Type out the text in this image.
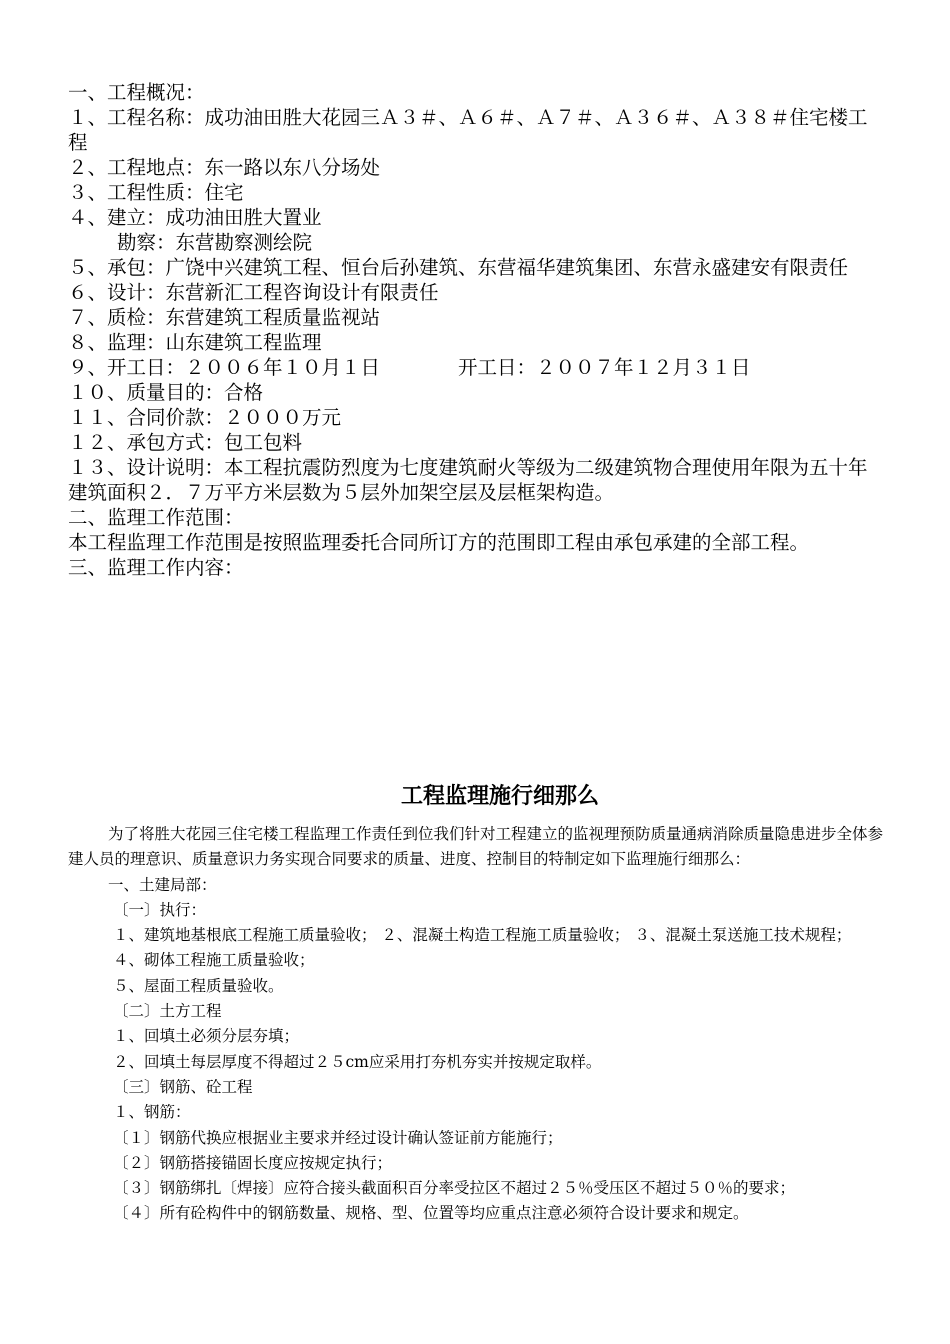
一、工程概况：

１、工程名称：成功油田胜大花园三Ａ３＃、Ａ６＃、Ａ７＃、Ａ３６＃、Ａ３８＃住宅楼工程

２、工程地点：东一路以东八分场处

３、工程性质：住宅

４、建立：成功油田胜大置业

勘察：东营勘察测绘院

５、承包：广饶中兴建筑工程、恒台后孙建筑、东营福华建筑集团、东营永盛建安有限责任

６、设计：东营新汇工程咨询设计有限责任

７、质检：东营建筑工程质量监视站

８、监理：山东建筑工程监理

９、开工日：２００６年１０月１日	开工日：２００７年１２月３１日

１０、质量目的：合格

１１、合同价款：２０００万元

１２、承包方式：包工包料

１３、设计说明：本工程抗震防烈度为七度建筑耐火等级为二级建筑物合理使用年限为五十年建筑面积２．７万平方米层数为５层外加架空层及层框架构造。

二、监理工作范围：

本工程监理工作范围是按照监理委托合同所订方的范围即工程由承包承建的全部工程。

三、监理工作内容：

工程监理施行细那么

为了将胜大花园三住宅楼工程监理工作责任到位我们针对工程建立的监视理预防质量通病消除质量隐患进步全体参建人员的理意识、质量意识力务实现合同要求的质量、进度、控制目的特制定如下监理施行细那么：

一、土建局部：

〔一〕执行：

１、建筑地基根底工程施工质量验收； ２、混凝土构造工程施工质量验收； ３、混凝土泵送施工技术规程； ４、砌体工程施工质量验收；

５、屋面工程质量验收。

〔二〕土方工程

１、回填土必须分层夯填；

２、回填土每层厚度不得超过２５cm应采用打夯机夯实并按规定取样。

〔三〕钢筋、砼工程

１、钢筋：

〔１〕钢筋代换应根据业主要求并经过设计确认签证前方能施行；

〔２〕钢筋搭接锚固长度应按规定执行；

〔３〕钢筋绑扎〔焊接〕应符合接头截面积百分率受拉区不超过２５％受压区不超过５０％的要求；

〔４〕所有砼构件中的钢筋数量、规格、型、位置等均应重点注意必须符合设计要求和规定。
